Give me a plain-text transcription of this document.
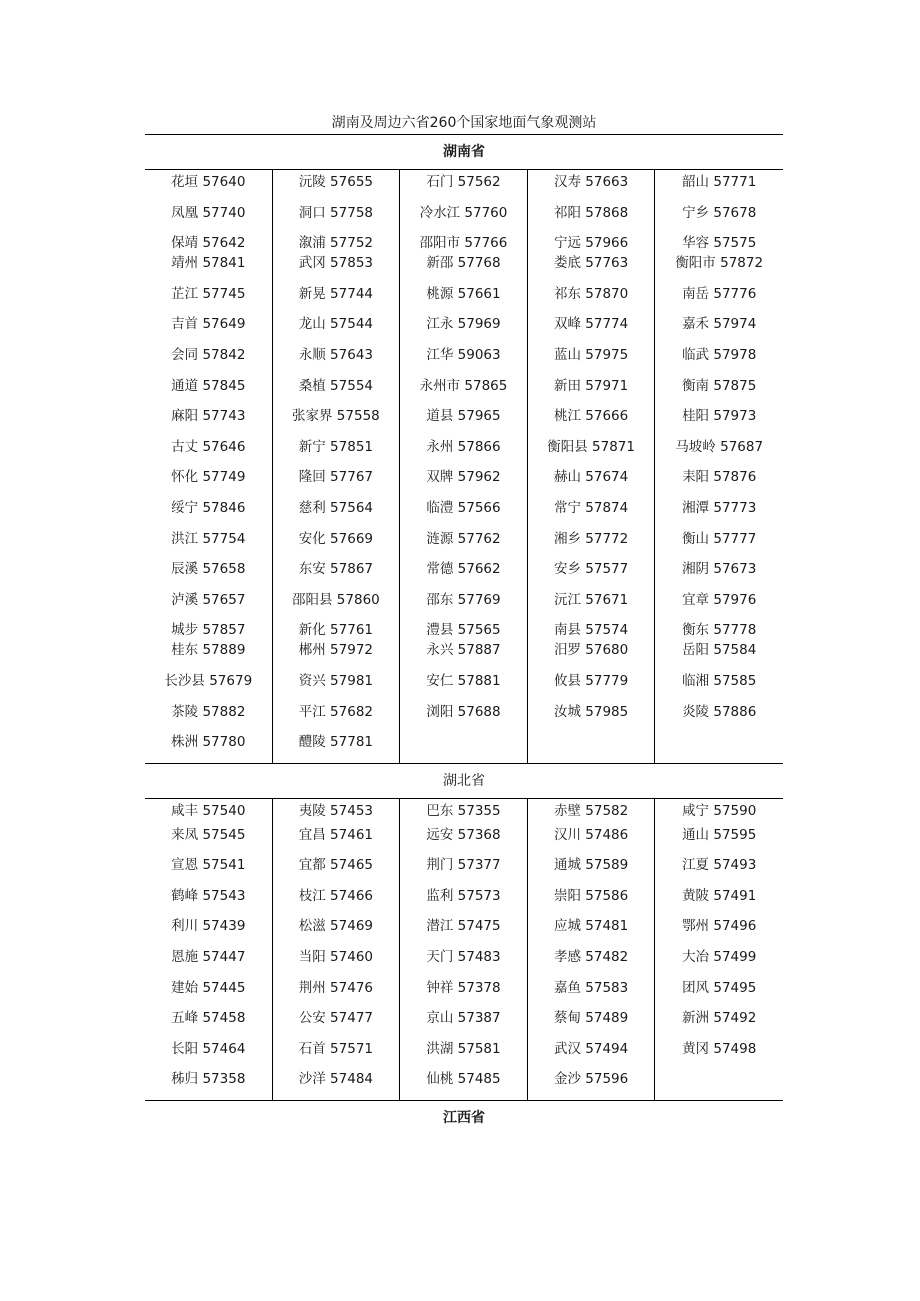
湖南及周边六省260个国家地面气象观测站
湖南省
花垣 57640
凤凰 57740
保靖 57642
靖州 57841
芷江 57745
吉首 57649
会同 57842
通道 57845
麻阳 57743
古丈 57646
怀化 57749
绥宁 57846
洪江 57754
辰溪 57658
泸溪 57657
城步 57857
桂东 57889
长沙县 57679
茶陵 57882
株洲 57780
沅陵 57655
洞口 57758
溆浦 57752
武冈 57853
新晃 57744
龙山 57544
永顺 57643
桑植 57554
张家界 57558
新宁 57851
隆回 57767
慈利 57564
安化 57669
东安 57867
邵阳县 57860
新化 57761
郴州 57972
资兴 57981
平江 57682
醴陵 57781
石门 57562
冷水江 57760
邵阳市 57766
新邵 57768
桃源 57661
江永 57969
江华 59063
永州市 57865
道县 57965
永州 57866
双牌 57962
临澧 57566
涟源 57762
常德 57662
邵东 57769
澧县 57565
永兴 57887
安仁 57881
浏阳 57688
汉寿 57663
祁阳 57868
宁远 57966
娄底 57763
祁东 57870
双峰 57774
蓝山 57975
新田 57971
桃江 57666
衡阳县 57871
赫山 57674
常宁 57874
湘乡 57772
安乡 57577
沅江 57671
南县 57574
汨罗 57680
攸县 57779
汝城 57985
韶山 57771
宁乡 57678
华容 57575
衡阳市 57872
南岳 57776
嘉禾 57974
临武 57978
衡南 57875
桂阳 57973
马坡岭 57687
耒阳 57876
湘潭 57773
衡山 57777
湘阴 57673
宜章 57976
衡东 57778
岳阳 57584
临湘 57585
炎陵 57886
湖北省
咸丰 57540
来凤 57545
宣恩 57541
鹤峰 57543
利川 57439
恩施 57447
建始 57445
五峰 57458
长阳 57464
秭归 57358
夷陵 57453
宜昌 57461
宜都 57465
枝江 57466
松滋 57469
当阳 57460
荆州 57476
公安 57477
石首 57571
沙洋 57484
巴东 57355
远安 57368
荆门 57377
监利 57573
潜江 57475
天门 57483
钟祥 57378
京山 57387
洪湖 57581
仙桃 57485
赤壁 57582
汉川 57486
通城 57589
崇阳 57586
应城 57481
孝感 57482
嘉鱼 57583
蔡甸 57489
武汉 57494
金沙 57596
咸宁 57590
通山 57595
江夏 57493
黄陂 57491
鄂州 57496
大冶 57499
团风 57495
新洲 57492
黄冈 57498
江西省
